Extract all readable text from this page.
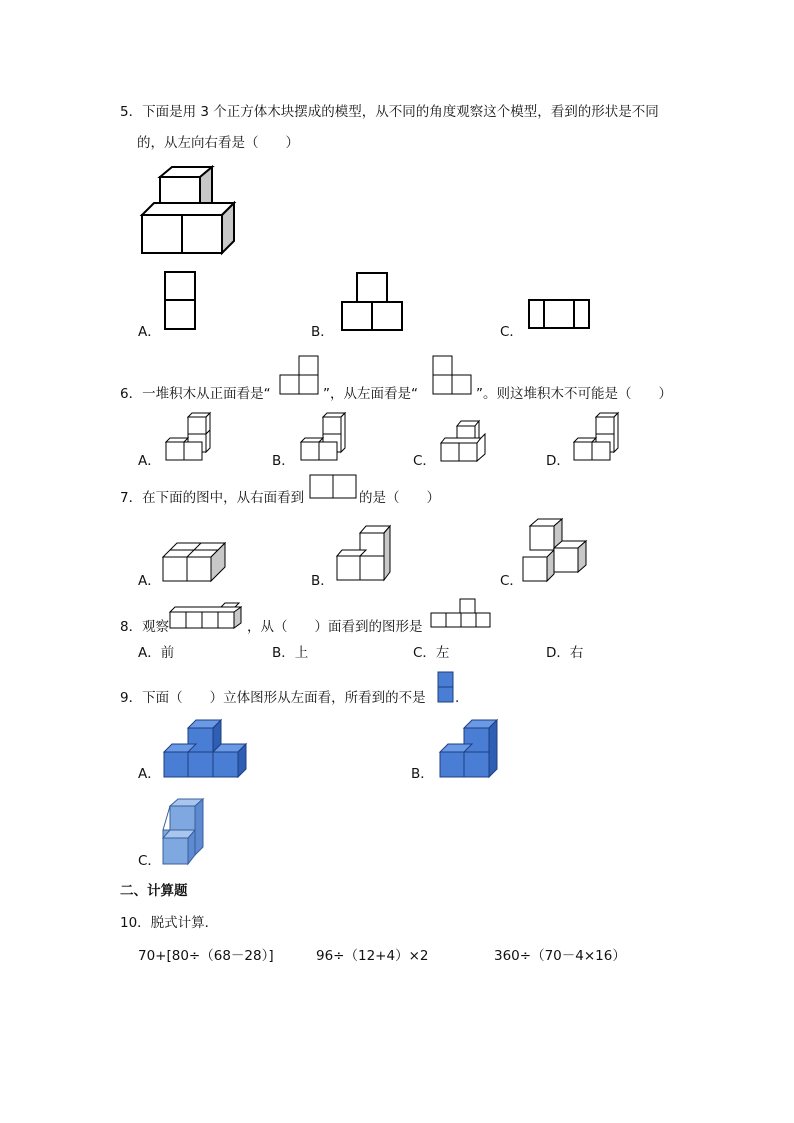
5．下面是用 3 个正方体木块摆成的模型，从不同的角度观察这个模型，看到的形状是不同
的，从左向右看是（　　）
A．	B．	C．
6．一堆积木从正面看是“	”，从左面看是“	”。则这堆积木不可能是（　　）
A．	B．	C．	D．
7．在下面的图中，从右面看到	的是（　　）
A．	B．	C．
8．观察	，从（　　）面看到的图形是
A．前	B．上	C．左	D．右
9．下面（　　）立体图形从左面看，所看到的不是 .
A．	B．
C．
二、计算题
10．脱式计算．
70+[80÷（68－28）]	96÷（12+4）×2	360÷（70－4×16）
